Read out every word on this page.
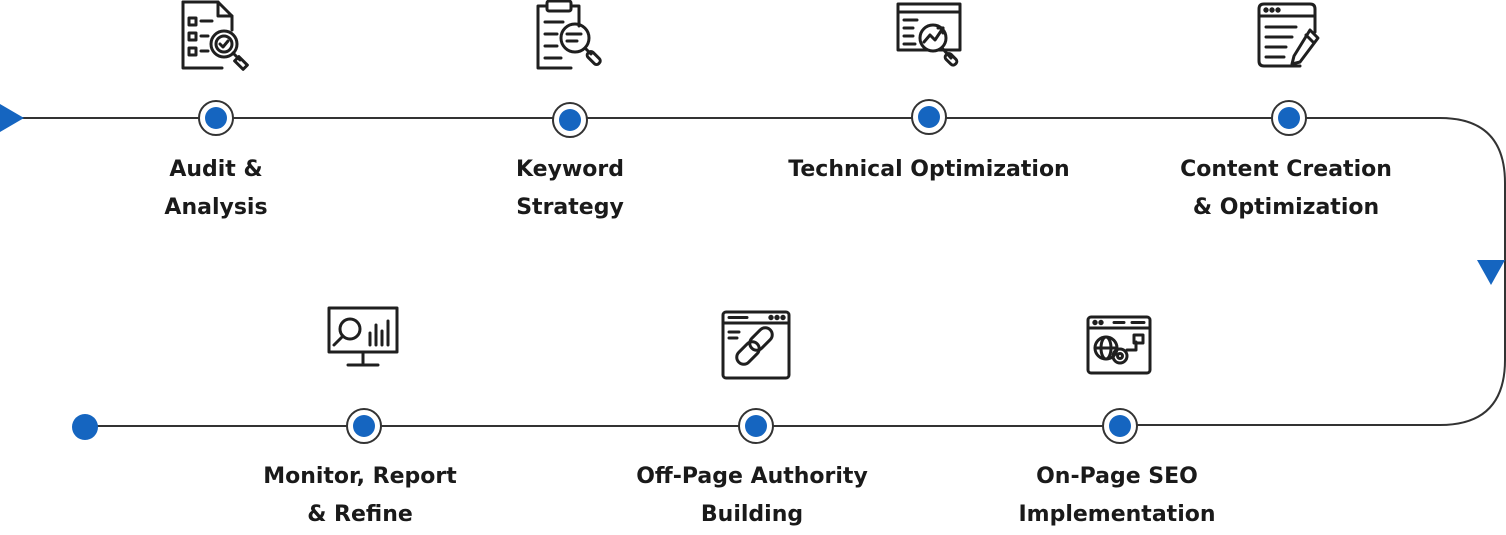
Audit &
Analysis
Keyword
Strategy
Technical Optimization	Content Creation
& Optimization
On-Page SEO
Implementation
Off-Page Authority
Building
Monitor, Report
& Refine
